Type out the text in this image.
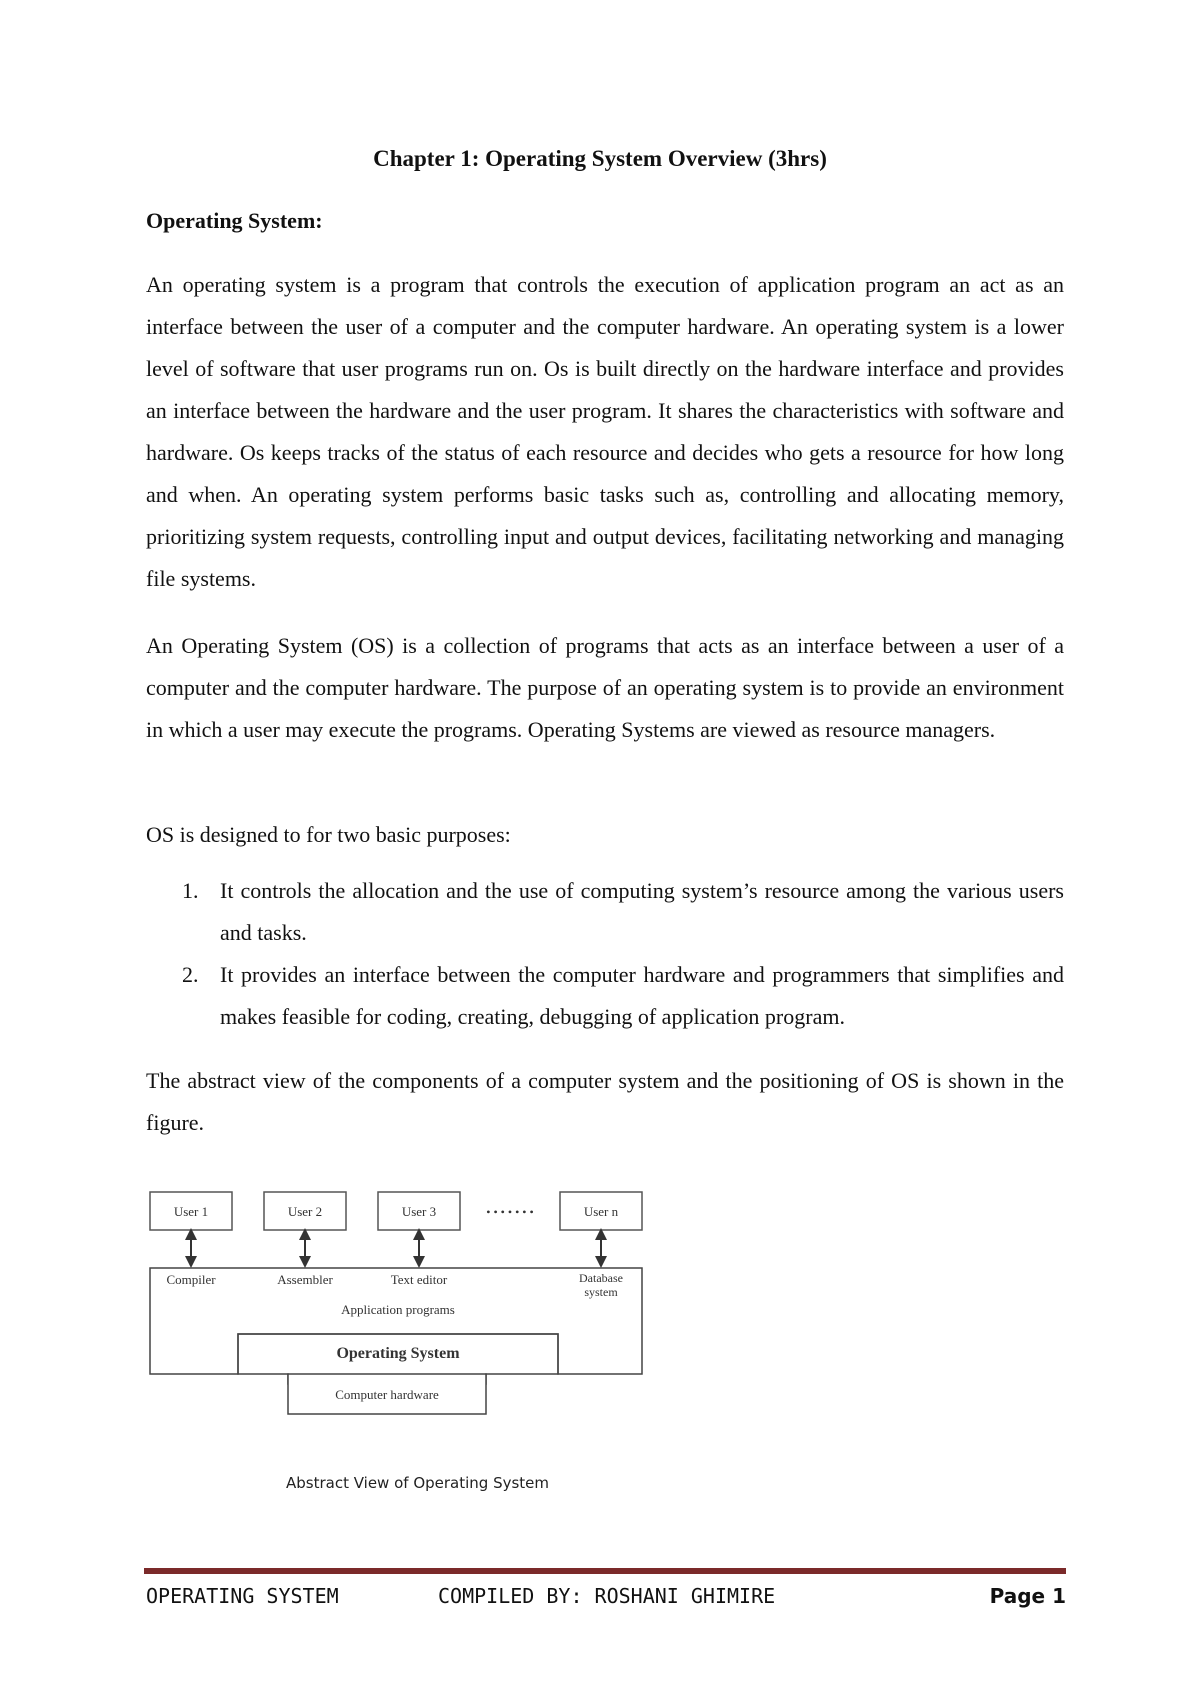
Chapter 1: Operating System Overview (3hrs)
Operating System:

An operating system is a program that controls the execution of application program an act as an interface between the user of a computer and the computer hardware. An operating system is a lower level of software that user programs run on. Os is built directly on the hardware interface and provides an interface between the hardware and the user program. It shares the characteristics with software and hardware. Os keeps tracks of the status of each resource and decides who gets a resource for how long and when. An operating system performs basic tasks such as, controlling and allocating memory, prioritizing system requests, controlling input and output devices, facilitating networking and managing file systems.

An Operating System (OS) is a collection of programs that acts as an interface between a user of a computer and the computer hardware. The purpose of an operating system is to provide an environment in which a user may execute the programs. Operating Systems are viewed as resource managers.

OS is designed to for two basic purposes:

1. It controls the allocation and the use of computing system’s resource among the various users and tasks.
2. It provides an interface between the computer hardware and programmers that simplifies and makes feasible for coding, creating, debugging of application program.

The abstract view of the components of a computer system and the positioning of OS is shown in the figure.

User 1	User 2	User 3	User n
• • • • • • •
Compiler	Assembler	Text editor	Database
system
Application programs
Operating System
Computer hardware
Abstract View of Operating System
OPERATING SYSTEM	COMPILED BY: ROSHANI GHIMIRE	Page 1
